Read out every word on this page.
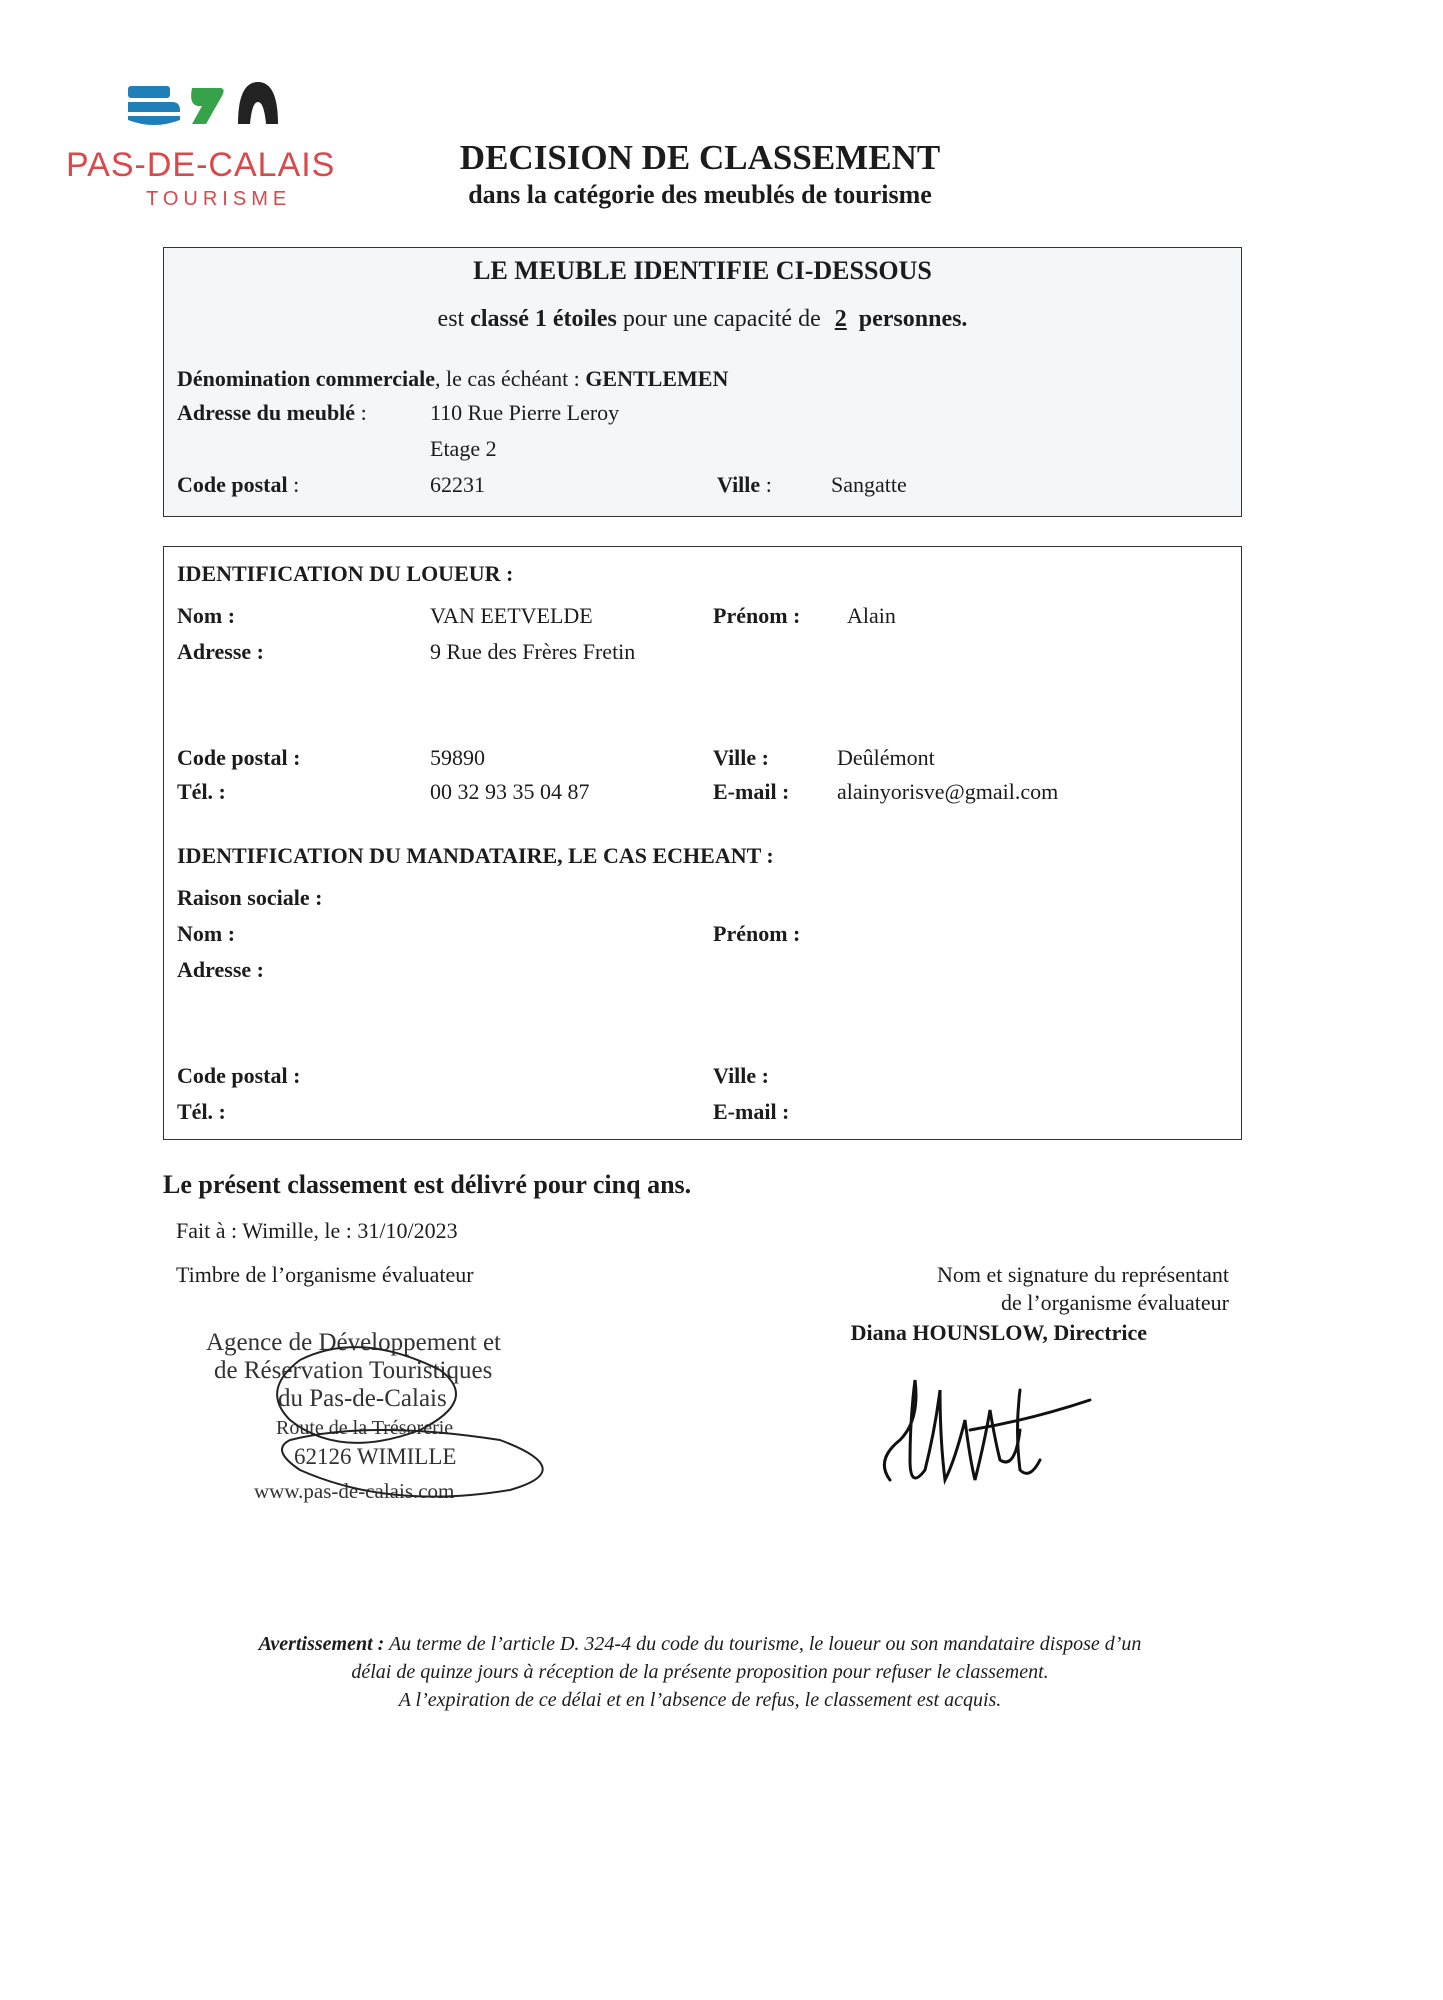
PAS-DE-CALAIS
TOURISME
DECISION DE CLASSEMENT
dans la catégorie des meublés de tourisme
LE MEUBLE IDENTIFIE CI-DESSOUS
est classé 1 étoiles pour une capacité de 2 personnes.
Dénomination commerciale, le cas échéant : GENTLEMEN
Adresse du meublé :	110 Rue Pierre Leroy
Etage 2
Code postal :	62231	Ville :	Sangatte
IDENTIFICATION DU LOUEUR :
Nom :	VAN EETVELDE	Prénom : Alain
Adresse :	9 Rue des Frères Fretin
Code postal :	59890	Ville :	Deûlémont
Tél. :	00 32 93 35 04 87	E-mail : alainyorisve@gmail.com
IDENTIFICATION DU MANDATAIRE, LE CAS ECHEANT :
Raison sociale :
Nom :	Prénom :
Adresse :
Code postal :	Ville :
Tél. :	E-mail :
Le présent classement est délivré pour cinq ans.
Fait à : Wimille, le : 31/10/2023
Timbre de l’organisme évaluateur	Nom et signature du représentant
de l’organisme évaluateur
Diana HOUNSLOW, Directrice
Agence de Développement et
de Réservation Touristiques
du Pas-de-Calais
Route de la Trésorerie
62126 WIMILLE
www.pas-de-calais.com
Avertissement : Au terme de l’article D. 324-4 du code du tourisme, le loueur ou son mandataire dispose d’un
délai de quinze jours à réception de la présente proposition pour refuser le classement.
A l’expiration de ce délai et en l’absence de refus, le classement est acquis.
